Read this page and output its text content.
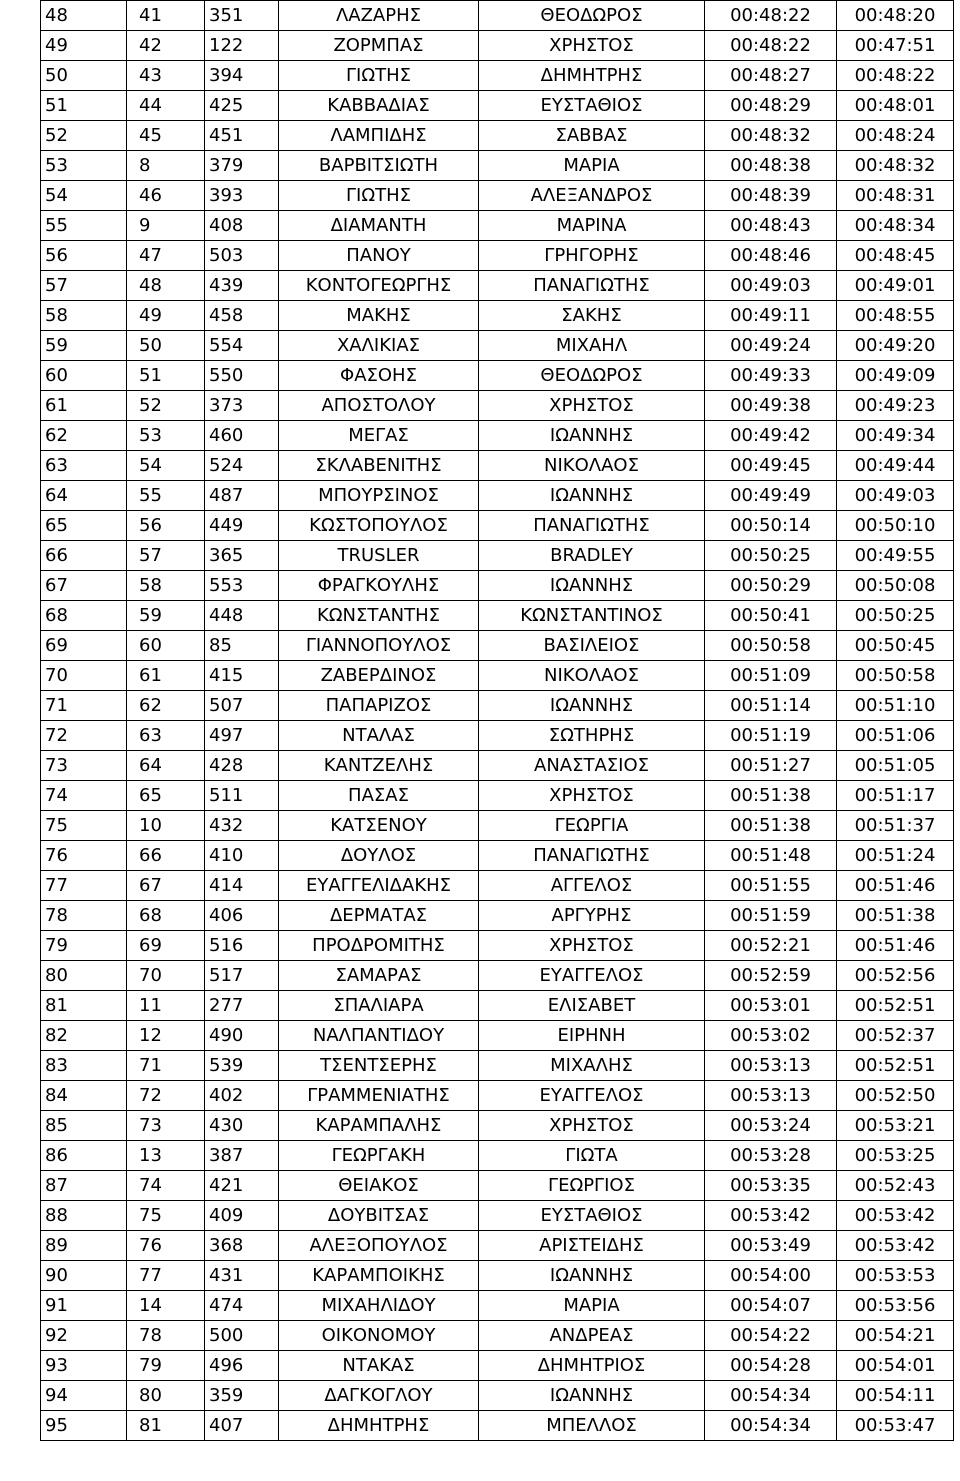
48	41	351	ΛΑΖΑΡΗΣ	ΘΕΟΔΩΡΟΣ	00:48:22	00:48:20
49	42	122	ΖΟΡΜΠΑΣ	ΧΡΗΣΤΟΣ	00:48:22	00:47:51
50	43	394	ΓΙΩΤΗΣ	ΔΗΜΗΤΡΗΣ	00:48:27	00:48:22
51	44	425	ΚΑΒΒΑΔΙΑΣ	ΕΥΣΤΑΘΙΟΣ	00:48:29	00:48:01
52	45	451	ΛΑΜΠΙΔΗΣ	ΣΑΒΒΑΣ	00:48:32	00:48:24
53	8	379	ΒΑΡΒΙΤΣΙΩΤΗ	ΜΑΡΙΑ	00:48:38	00:48:32
54	46	393	ΓΙΩΤΗΣ	ΑΛΕΞΑΝΔΡΟΣ	00:48:39	00:48:31
55	9	408	ΔΙΑΜΑΝΤΗ	ΜΑΡΙΝΑ	00:48:43	00:48:34
56	47	503	ΠΑΝΟΥ	ΓΡΗΓΟΡΗΣ	00:48:46	00:48:45
57	48	439	ΚΟΝΤΟΓΕΩΡΓΗΣ	ΠΑΝΑΓΙΩΤΗΣ	00:49:03	00:49:01
58	49	458	ΜΑΚΗΣ	ΣΑΚΗΣ	00:49:11	00:48:55
59	50	554	ΧΑΛΙΚΙΑΣ	ΜΙΧΑΗΛ	00:49:24	00:49:20
60	51	550	ΦΑΣΟΗΣ	ΘΕΟΔΩΡΟΣ	00:49:33	00:49:09
61	52	373	ΑΠΟΣΤΟΛΟΥ	ΧΡΗΣΤΟΣ	00:49:38	00:49:23
62	53	460	ΜΕΓΑΣ	ΙΩΑΝΝΗΣ	00:49:42	00:49:34
63	54	524	ΣΚΛΑΒΕΝΙΤΗΣ	ΝΙΚΟΛΑΟΣ	00:49:45	00:49:44
64	55	487	ΜΠΟΥΡΣΙΝΟΣ	ΙΩΑΝΝΗΣ	00:49:49	00:49:03
65	56	449	ΚΩΣΤΟΠΟΥΛΟΣ	ΠΑΝΑΓΙΩΤΗΣ	00:50:14	00:50:10
66	57	365	TRUSLER	BRADLEY	00:50:25	00:49:55
67	58	553	ΦΡΑΓΚΟΥΛΗΣ	ΙΩΑΝΝΗΣ	00:50:29	00:50:08
68	59	448	ΚΩΝΣΤΑΝΤΗΣ	ΚΩΝΣΤΑΝΤΙΝΟΣ	00:50:41	00:50:25
69	60	85	ΓΙΑΝΝΟΠΟΥΛΟΣ	ΒΑΣΙΛΕΙΟΣ	00:50:58	00:50:45
70	61	415	ΖΑΒΕΡΔΙΝΟΣ	ΝΙΚΟΛΑΟΣ	00:51:09	00:50:58
71	62	507	ΠΑΠΑΡΙΖΟΣ	ΙΩΑΝΝΗΣ	00:51:14	00:51:10
72	63	497	ΝΤΑΛΑΣ	ΣΩΤΗΡΗΣ	00:51:19	00:51:06
73	64	428	ΚΑΝΤΖΕΛΗΣ	ΑΝΑΣΤΑΣΙΟΣ	00:51:27	00:51:05
74	65	511	ΠΑΣΑΣ	ΧΡΗΣΤΟΣ	00:51:38	00:51:17
75	10	432	ΚΑΤΣΕΝΟΥ	ΓΕΩΡΓΙΑ	00:51:38	00:51:37
76	66	410	ΔΟΥΛΟΣ	ΠΑΝΑΓΙΩΤΗΣ	00:51:48	00:51:24
77	67	414	ΕΥΑΓΓΕΛΙΔΑΚΗΣ	ΑΓΓΕΛΟΣ	00:51:55	00:51:46
78	68	406	ΔΕΡΜΑΤΑΣ	ΑΡΓΥΡΗΣ	00:51:59	00:51:38
79	69	516	ΠΡΟΔΡΟΜΙΤΗΣ	ΧΡΗΣΤΟΣ	00:52:21	00:51:46
80	70	517	ΣΑΜΑΡΑΣ	ΕΥΑΓΓΕΛΟΣ	00:52:59	00:52:56
81	11	277	ΣΠΑΛΙΑΡΑ	ΕΛΙΣΑΒΕΤ	00:53:01	00:52:51
82	12	490	ΝΑΛΠΑΝΤΙΔΟΥ	ΕΙΡΗΝΗ	00:53:02	00:52:37
83	71	539	ΤΣΕΝΤΣΕΡΗΣ	ΜΙΧΑΛΗΣ	00:53:13	00:52:51
84	72	402	ΓΡΑΜΜΕΝΙΑΤΗΣ	ΕΥΑΓΓΕΛΟΣ	00:53:13	00:52:50
85	73	430	ΚΑΡΑΜΠΑΛΗΣ	ΧΡΗΣΤΟΣ	00:53:24	00:53:21
86	13	387	ΓΕΩΡΓΑΚΗ	ΓΙΩΤΑ	00:53:28	00:53:25
87	74	421	ΘΕΙΑΚΟΣ	ΓΕΩΡΓΙΟΣ	00:53:35	00:52:43
88	75	409	ΔΟΥΒΙΤΣΑΣ	ΕΥΣΤΑΘΙΟΣ	00:53:42	00:53:42
89	76	368	ΑΛΕΞΟΠΟΥΛΟΣ	ΑΡΙΣΤΕΙΔΗΣ	00:53:49	00:53:42
90	77	431	ΚΑΡΑΜΠΟΙΚΗΣ	ΙΩΑΝΝΗΣ	00:54:00	00:53:53
91	14	474	ΜΙΧΑΗΛΙΔΟΥ	ΜΑΡΙΑ	00:54:07	00:53:56
92	78	500	ΟΙΚΟΝΟΜΟΥ	ΑΝΔΡΕΑΣ	00:54:22	00:54:21
93	79	496	ΝΤΑΚΑΣ	ΔΗΜΗΤΡΙΟΣ	00:54:28	00:54:01
94	80	359	ΔΑΓΚΟΓΛΟΥ	ΙΩΑΝΝΗΣ	00:54:34	00:54:11
95	81	407	ΔΗΜΗΤΡΗΣ	ΜΠΕΛΛΟΣ	00:54:34	00:53:47
